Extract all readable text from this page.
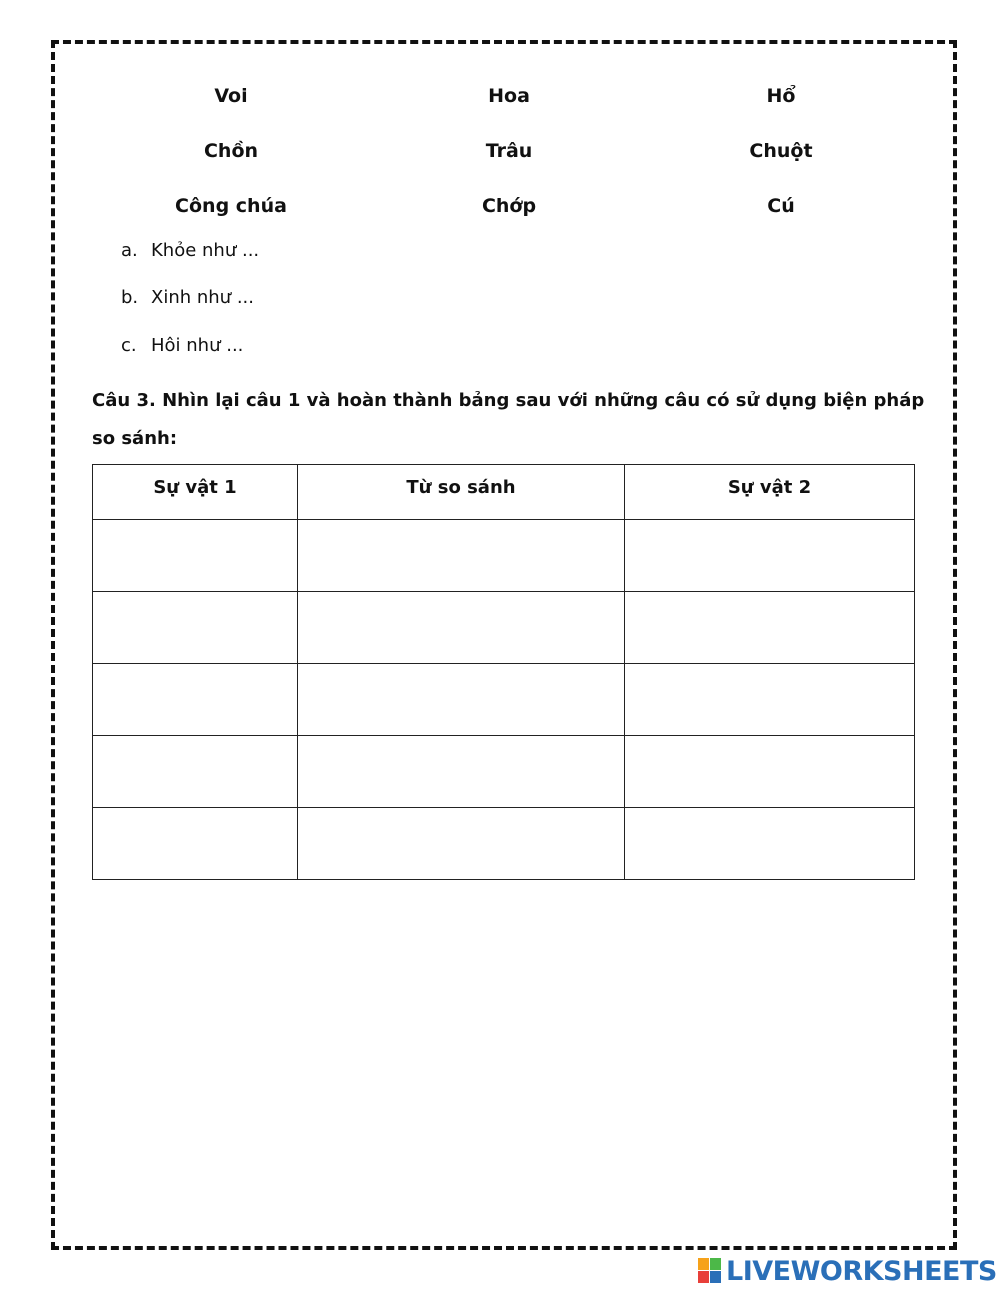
Voi	Hoa	Hổ
Chồn	Trâu	Chuột
Công chúa	Chớp	Cú
a. Khỏe như ...
b. Xinh như ...
c. Hôi như ...
Câu 3. Nhìn lại câu 1 và hoàn thành bảng sau với những câu có sử dụng biện pháp
so sánh:
Sự vật 1	Từ so sánh	Sự vật 2

LIVEWORKSHEETS
